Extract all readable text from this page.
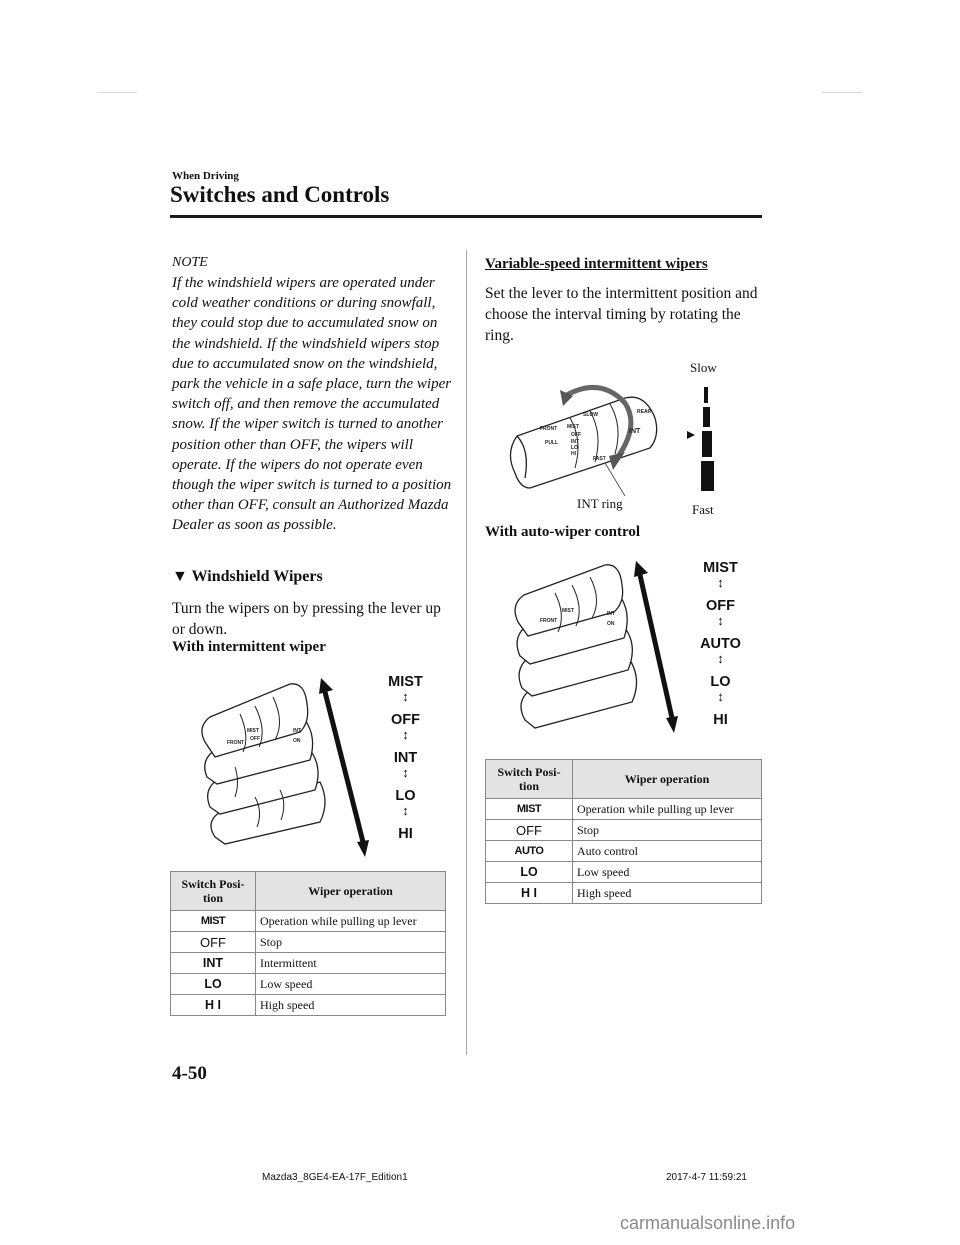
When Driving
Switches and Controls
NOTE
If the windshield wipers are operated under cold weather conditions or during snowfall, they could stop due to accumulated snow on the windshield. If the windshield wipers stop due to accumulated snow on the windshield, park the vehicle in a safe place, turn the wiper switch off, and then remove the accumulated snow. If the wiper switch is turned to another position other than OFF, the wipers will operate. If the wipers do not operate even though the wiper switch is turned to a position other than OFF, consult an Authorized Mazda Dealer as soon as possible.
▼ Windshield Wipers
Turn the wipers on by pressing the lever up or down.
With intermittent wiper
FRONT
MIST
OFF
INT
ON
MIST
↕
OFF
↕
INT
↕
LO
↕
HI
Switch Posi-tion	Wiper operation
MIST	Operation while pulling up lever
OFF	Stop
INT	Intermittent
LO	Low speed
H I	High speed
Variable-speed intermittent wipers
Set the lever to the intermittent position and choose the interval timing by rotating the ring.
FRONT
PULL
MIST
OFF
INT
LO
HI
SLOW
FAST
INT
REAR
Slow
INT ring	Fast
With auto-wiper control
FRONT
MIST	INT
ON
MIST
↕
OFF
↕
AUTO
↕
LO
↕
HI
Switch Posi-tion	Wiper operation
MIST	Operation while pulling up lever
OFF	Stop
AUTO	Auto control
LO	Low speed
H I	High speed
4-50
Mazda3_8GE4-EA-17F_Edition1	2017-4-7 11:59:21
carmanualsonline.info
